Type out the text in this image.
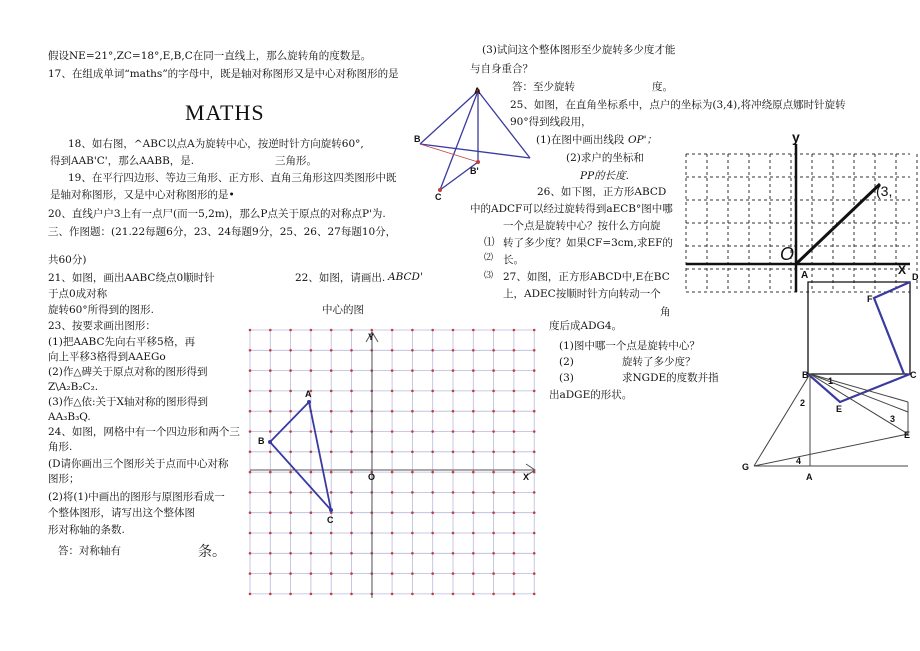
假设NE=21°,ZC=18°,E,B,C在同一直线上，那么旋转角的度数是。
17、在组成单词“maths”的字母中，既是轴对称图形又是中心对称图形的是
MATHS
18、如右图，^ABC以点A为旋转中心，按逆时针方向旋转60°,
得到AAB'C'，那么AABB，是.	三角形。
19、在平行四边形、等边三角形、正方形、直角三角形这四类图形中既
是轴对称图形，又是中心对称图形的是•
20、直线户户3上有一点尸(而一5,2m)，那么P点关于原点的对称点P'为.
三、作图题：(21.22每题6分，23、24每题9分，25、26、27每题10分，
共60分)
21、如图，画出AABC绕点0顺时针	22、如图，请画出. ABCD'
于点0成对称
旋转60°所得到的图形.	中心的图
23、按要求画出图形：
(1)把AABC先向右平移5格，再
向上平移3格得到AAEGo
(2)作△碑关于原点对称的图形得到
Z\A₂B₂C₂.
(3)作△依:关于X轴对称的图形得到
AA₃B₃Q.
24、如图，网格中有一个四边形和两个三
角形.
(D请你画出三个图形关于点而中心对称
图形；
(2)将(1)中画出的图形与原图形看成一
个整体图形，请写出这个整体图
形对称轴的条数.
答：对称轴有	条。
A
B'
C
B
Y
X
O
A
B
C
(3)试问这个整体图形至少旋转多少度才能
与自身重合？
答：至少旋转	度。
25、如图，在直角坐标系中，点户的坐标为(3,4),将冲绕原点娜时针旋转
90°得到线段用，
(1)在图中画出线段 OP'；
(2)求户的坐标和
PP的长度.
26、如下图，正方形ABCD
中的ADCF可以经过旋转得到aECB°图中哪
一个点是旋转中心？按什么方向旋
⑴ 转了多少度？如果CF=3cm,求EF的
⑵ 长。
⑶ 27、如图，正方形ABCD中,E在BC
上，ADEC按顺时针方向转动一个
角
度后成ADG4。
(1)图中哪一个点是旋转中心？
(2)	旋转了多少度？
(3)	求NGDE的度数并指
出aDGE的形状。
y
X
O
A
(3,
D
F
B	C
E
2
1
3
4
G
A
E
